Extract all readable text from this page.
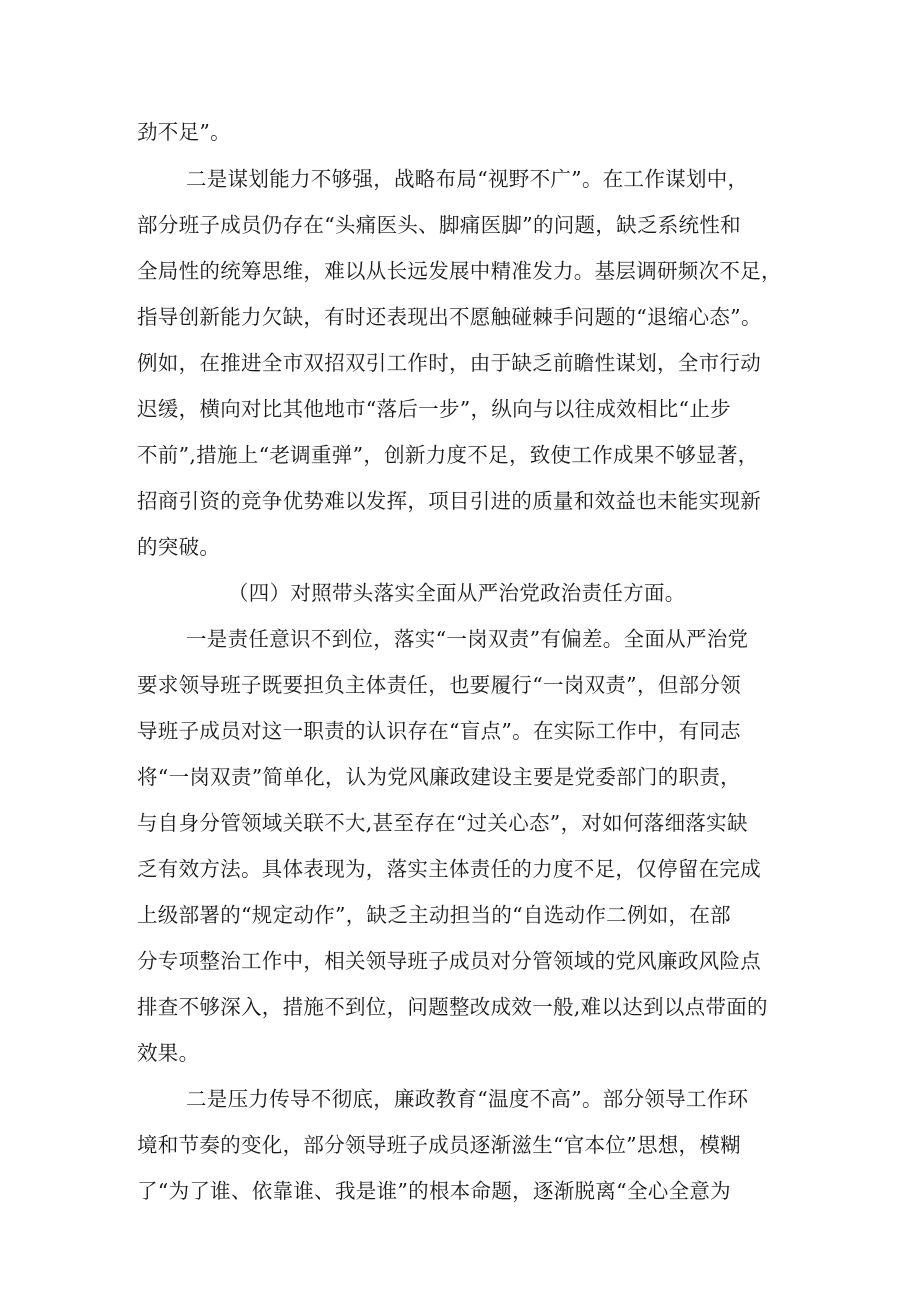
劲不足”。
二是谋划能力不够强，战略布局“视野不广”。在工作谋划中，
部分班子成员仍存在“头痛医头、脚痛医脚”的问题，缺乏系统性和
全局性的统筹思维，难以从长远发展中精准发力。基层调研频次不足，
指导创新能力欠缺，有时还表现出不愿触碰棘手问题的“退缩心态”。
例如，在推进全市双招双引工作时，由于缺乏前瞻性谋划，全市行动
迟缓，横向对比其他地市“落后一步”，纵向与以往成效相比“止步
不前”,措施上“老调重弹”，创新力度不足，致使工作成果不够显著，
招商引资的竞争优势难以发挥，项目引进的质量和效益也未能实现新
的突破。
（四）对照带头落实全面从严治党政治责任方面。
一是责任意识不到位，落实“一岗双责”有偏差。全面从严治党
要求领导班子既要担负主体责任，也要履行“一岗双责”，但部分领
导班子成员对这一职责的认识存在“盲点”。在实际工作中，有同志
将“一岗双责”简单化，认为党风廉政建设主要是党委部门的职责，
与自身分管领域关联不大,甚至存在“过关心态”，对如何落细落实缺
乏有效方法。具体表现为，落实主体责任的力度不足，仅停留在完成
上级部署的“规定动作”，缺乏主动担当的“自选动作二例如，在部
分专项整治工作中，相关领导班子成员对分管领域的党风廉政风险点
排查不够深入，措施不到位，问题整改成效一般,难以达到以点带面的
效果。
二是压力传导不彻底，廉政教育“温度不高”。部分领导工作环
境和节奏的变化，部分领导班子成员逐渐滋生“官本位”思想，模糊
了“为了谁、依靠谁、我是谁”的根本命题，逐渐脱离“全心全意为
